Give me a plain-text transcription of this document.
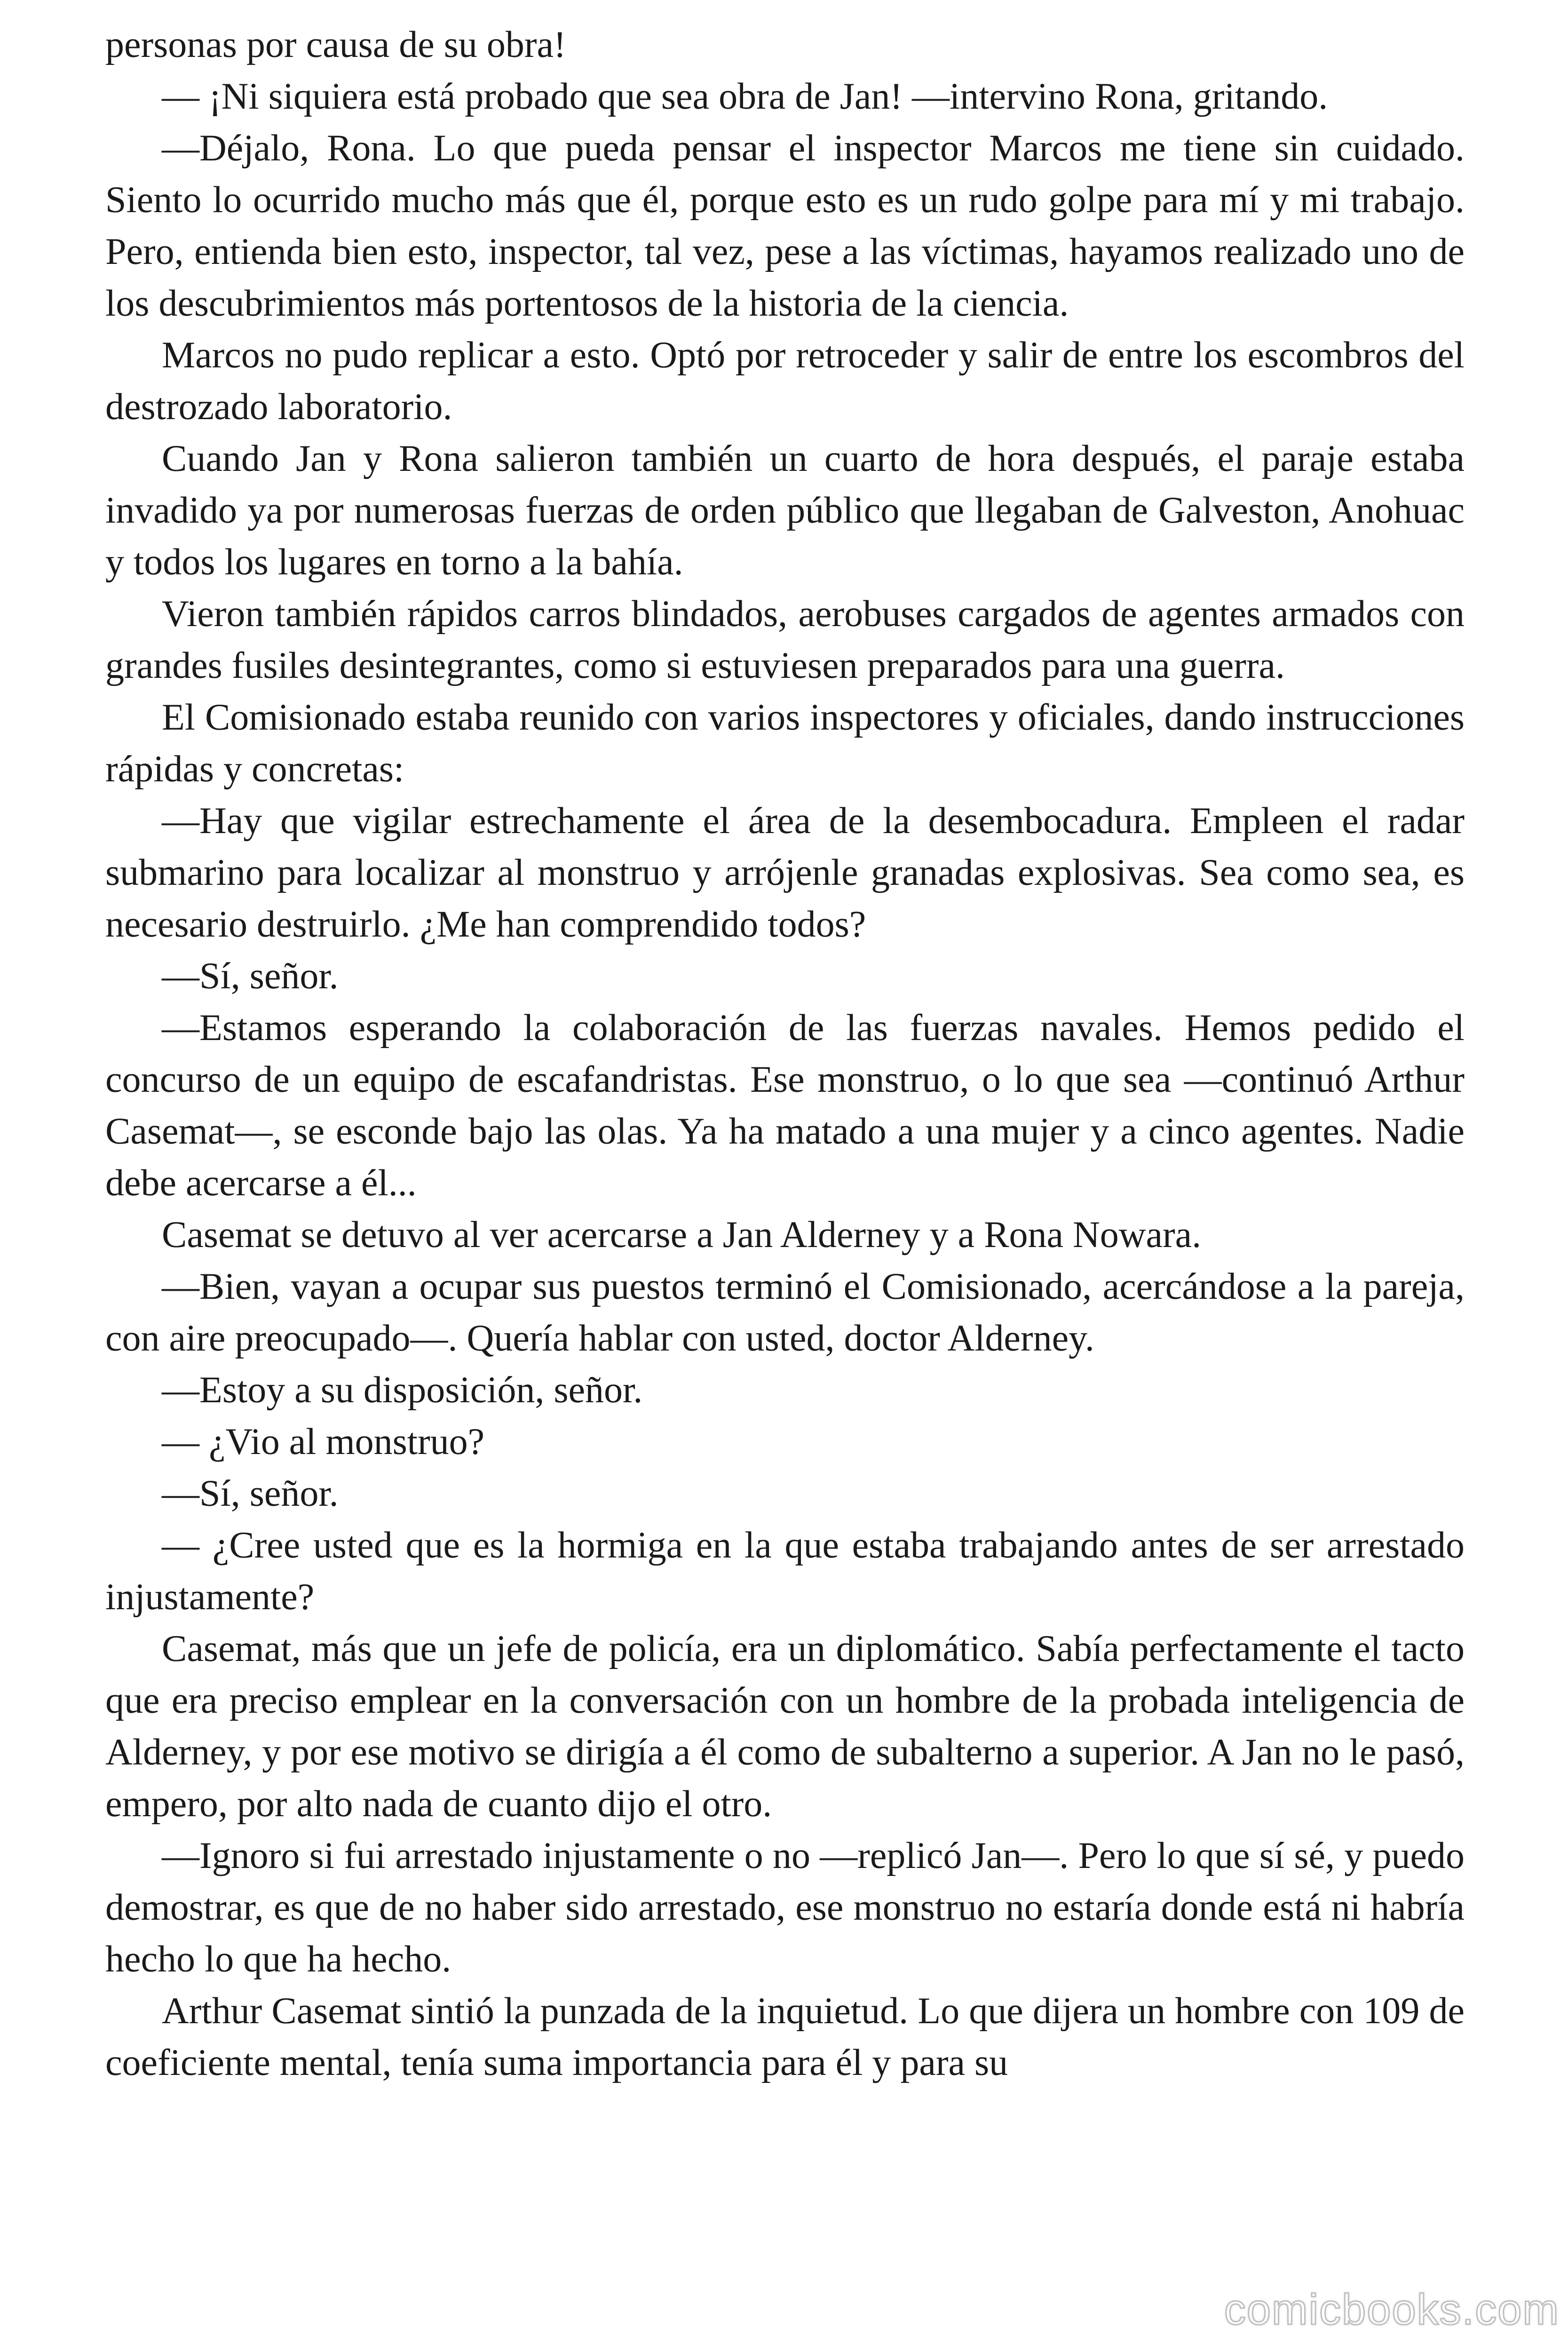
personas por causa de su obra!

— ¡Ni siquiera está probado que sea obra de Jan! —intervino Rona, gritando.

—Déjalo, Rona. Lo que pueda pensar el inspector Marcos me tiene sin cuidado. Siento lo ocurrido mucho más que él, porque esto es un rudo golpe para mí y mi trabajo. Pero, entienda bien esto, inspector, tal vez, pese a las víctimas, hayamos realizado uno de los descubrimientos más portentosos de la historia de la ciencia.

Marcos no pudo replicar a esto. Optó por retroceder y salir de entre los escombros del destrozado laboratorio.

Cuando Jan y Rona salieron también un cuarto de hora después, el paraje estaba invadido ya por numerosas fuerzas de orden público que llegaban de Galveston, Anohuac y todos los lugares en torno a la bahía.

Vieron también rápidos carros blindados, aerobuses cargados de agentes armados con grandes fusiles desintegrantes, como si estuviesen preparados para una guerra.

El Comisionado estaba reunido con varios inspectores y oficiales, dando instrucciones rápidas y concretas:

—Hay que vigilar estrechamente el área de la desembocadura. Empleen el radar submarino para localizar al monstruo y arrójenle granadas explosivas. Sea como sea, es necesario destruirlo. ¿Me han comprendido todos?

—Sí, señor.

—Estamos esperando la colaboración de las fuerzas navales. Hemos pedido el concurso de un equipo de escafandristas. Ese monstruo, o lo que sea —continuó Arthur Casemat—, se esconde bajo las olas. Ya ha matado a una mujer y a cinco agentes. Nadie debe acercarse a él...

Casemat se detuvo al ver acercarse a Jan Alderney y a Rona Nowara.

—Bien, vayan a ocupar sus puestos terminó el Comisionado, acercándose a la pareja, con aire preocupado—. Quería hablar con usted, doctor Alderney.

—Estoy a su disposición, señor.

— ¿Vio al monstruo?

—Sí, señor.

— ¿Cree usted que es la hormiga en la que estaba trabajando antes de ser arrestado injustamente?

Casemat, más que un jefe de policía, era un diplomático. Sabía perfectamente el tacto que era preciso emplear en la conversación con un hombre de la probada inteligencia de Alderney, y por ese motivo se dirigía a él como de subalterno a superior. A Jan no le pasó, empero, por alto nada de cuanto dijo el otro.

—Ignoro si fui arrestado injustamente o no —replicó Jan—. Pero lo que sí sé, y puedo demostrar, es que de no haber sido arrestado, ese monstruo no estaría donde está ni habría hecho lo que ha hecho.

Arthur Casemat sintió la punzada de la inquietud. Lo que dijera un hombre con 109 de coeficiente mental, tenía suma importancia para él y para su

comicbooks.com
